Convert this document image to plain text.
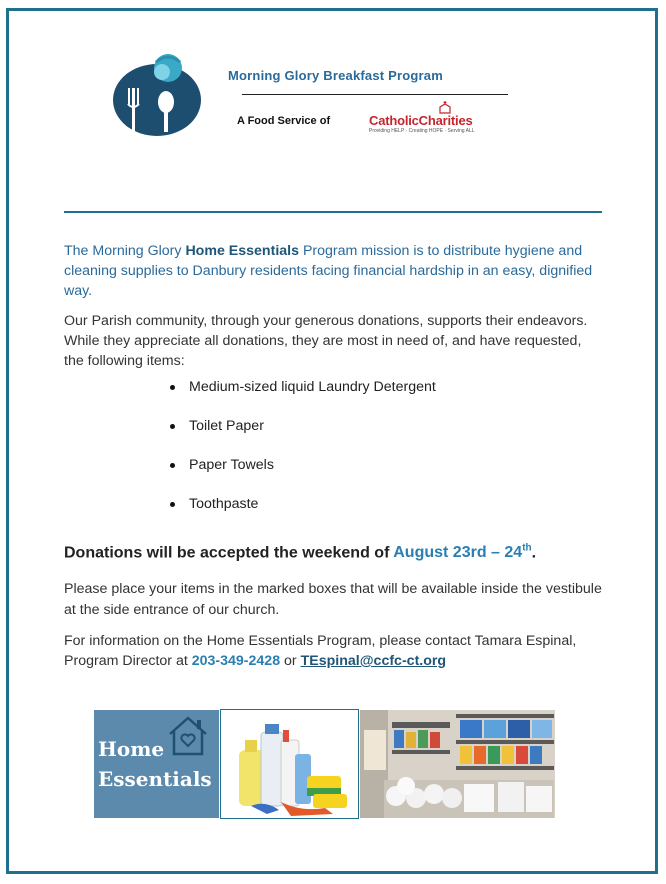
Morning Glory Breakfast Program
A Food Service of	CatholicCharities
Providing HELP · Creating HOPE · Serving ALL
The Morning Glory Home Essentials Program mission is to distribute hygiene and cleaning supplies to Danbury residents facing financial hardship in an easy, dignified way.
Our Parish community, through your generous donations, supports their endeavors. While they appreciate all donations, they are most in need of, and have requested, the following items:
Medium-sized liquid Laundry Detergent
Toilet Paper
Paper Towels
Toothpaste
Donations will be accepted the weekend of August 23rd – 24th.
Please place your items in the marked boxes that will be available inside the vestibule at the side entrance of our church.
For information on the Home Essentials Program, please contact Tamara Espinal, Program Director at 203-349-2428 or TEspinal@ccfc-ct.org
Home
Essentials
